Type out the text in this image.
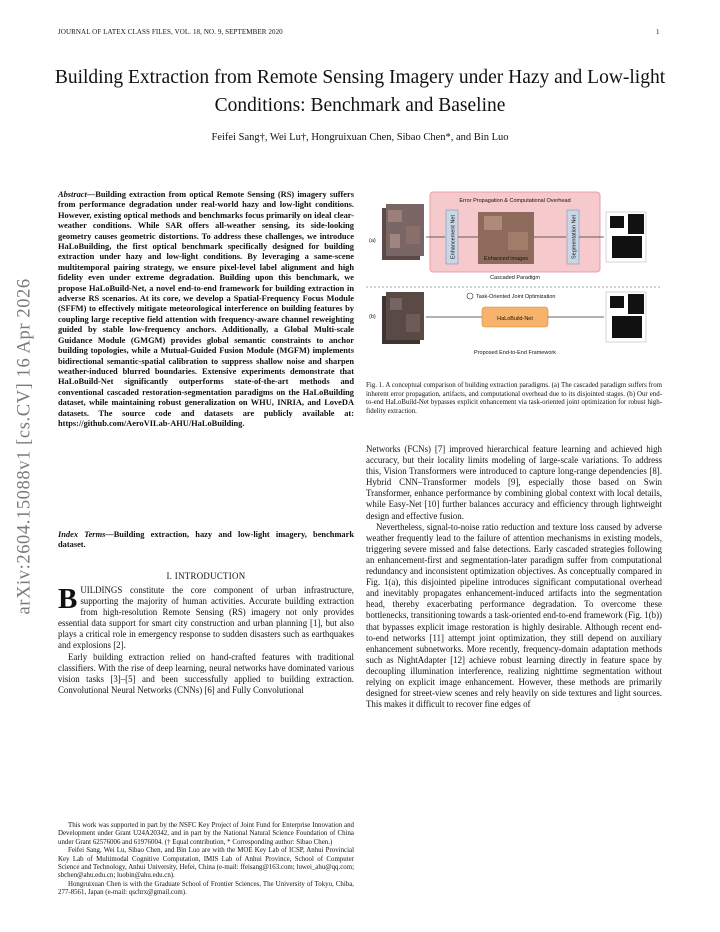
JOURNAL OF LATEX CLASS FILES, VOL. 18, NO. 9, SEPTEMBER 2020	1
Building Extraction from Remote Sensing Imagery under Hazy and Low-light Conditions: Benchmark and Baseline
Feifei Sang†, Wei Lu†, Hongruixuan Chen, Sibao Chen*, and Bin Luo
arXiv:2604.15088v1 [cs.CV] 16 Apr 2026
Abstract—Building extraction from optical Remote Sensing (RS) imagery suffers from performance degradation under real-world hazy and low-light conditions. However, existing optical methods and benchmarks focus primarily on ideal clear-weather conditions. While SAR offers all-weather sensing, its side-looking geometry causes geometric distortions. To address these challenges, we introduce HaLoBuilding, the first optical benchmark specifically designed for building extraction under hazy and low-light conditions. By leveraging a same-scene multitemporal pairing strategy, we ensure pixel-level label alignment and high fidelity even under extreme degradation. Building upon this benchmark, we propose HaLoBuild-Net, a novel end-to-end framework for building extraction in adverse RS scenarios. At its core, we develop a Spatial-Frequency Focus Module (SFFM) to effectively mitigate meteorological interference on building features by coupling large receptive field attention with frequency-aware channel reweighting guided by stable low-frequency anchors. Additionally, a Global Multi-scale Guidance Module (GMGM) provides global semantic constraints to anchor building topologies, while a Mutual-Guided Fusion Module (MGFM) implements bidirectional semantic-spatial calibration to suppress shallow noise and sharpen weather-induced blurred boundaries. Extensive experiments demonstrate that HaLoBuild-Net significantly outperforms state-of-the-art methods and conventional cascaded restoration-segmentation paradigms on the HaLoBuilding dataset, while maintaining robust generalization on WHU, INRIA, and LoveDA datasets. The source code and datasets are publicly available at: https://github.com/AeroVILab-AHU/HaLoBuilding.
Index Terms—Building extraction, hazy and low-light imagery, benchmark dataset.
I. INTRODUCTION

BUILDINGS constitute the core component of urban infrastructure, supporting the majority of human activities. Accurate building extraction from high-resolution Remote Sensing (RS) imagery not only provides essential data support for smart city construction and urban planning [1], but also plays a critical role in emergency response to sudden disasters such as earthquakes and explosions [2].

Early building extraction relied on hand-crafted features with traditional classifiers. With the rise of deep learning, neural networks have dominated various vision tasks [3]–[5] and been successfully applied to building extraction. Convolutional Neural Networks (CNNs) [6] and Fully Convolutional

This work was supported in part by the NSFC Key Project of Joint Fund for Enterprise Innovation and Development under Grant U24A20342, and in part by the National Natural Science Foundation of China under Grant 62576006 and 61976004. († Equal contribution, * Corresponding author: Sibao Chen.)

Feifei Sang, Wei Lu, Sibao Chen, and Bin Luo are with the MOE Key Lab of ICSP, Anhui Provincial Key Lab of Multimodal Cognitive Computation, IMIS Lab of Anhui Province, School of Computer Science and Technology, Anhui University, Hefei, China (e-mail: ffeisang@163.com; luwei_ahu@qq.com; sbchen@ahu.edu.cn; luobin@ahu.edu.cn).

Hongruixuan Chen is with the Graduate School of Frontier Sciences, The University of Tokyo, Chiba, 277-8561, Japan (e-mail: qschrx@gmail.com).

(a)
Error Propagation & Computational Overhead
Enhancement Net	Enhanced images	Segmentation Net
Cascaded Paradigm
(b)
Task-Oriented Joint Optimization
HaLoBuild-Net
Proposed End-to-End Framework
Fig. 1. A conceptual comparison of building extraction paradigms. (a) The cascaded paradigm suffers from inherent error propagation, artifacts, and computational overhead due to its disjointed stages. (b) Our end-to-end HaLoBuild-Net bypasses explicit enhancement via task-oriented joint optimization for robust high-fidelity extraction.

Networks (FCNs) [7] improved hierarchical feature learning and achieved high accuracy, but their locality limits modeling of large-scale variations. To address this, Vision Transformers were introduced to capture long-range dependencies [8]. Hybrid CNN–Transformer models [9], especially those based on Swin Transformer, enhance performance by combining global context with local details, while Easy-Net [10] further balances accuracy and efficiency through lightweight design and effective fusion.

Nevertheless, signal-to-noise ratio reduction and texture loss caused by adverse weather frequently lead to the failure of attention mechanisms in existing models, triggering severe missed and false detections. Early cascaded strategies following an enhancement-first and segmentation-later paradigm suffer from computational redundancy and inconsistent optimization objectives. As conceptually compared in Fig. 1(a), this disjointed pipeline introduces significant computational overhead and inevitably propagates enhancement-induced artifacts into the segmentation head, thereby exacerbating performance degradation. To overcome these bottlenecks, transitioning towards a task-oriented end-to-end framework (Fig. 1(b)) that bypasses explicit image restoration is highly desirable. Although recent end-to-end networks [11] attempt joint optimization, they still depend on auxiliary enhancement subnetworks. More recently, frequency-domain adaptation methods such as NightAdapter [12] achieve robust learning directly in feature space by decoupling illumination interference, realizing nighttime segmentation without relying on explicit image enhancement. However, these methods are primarily designed for street-view scenes and rely heavily on side textures and light sources. This makes it difficult to recover fine edges of
